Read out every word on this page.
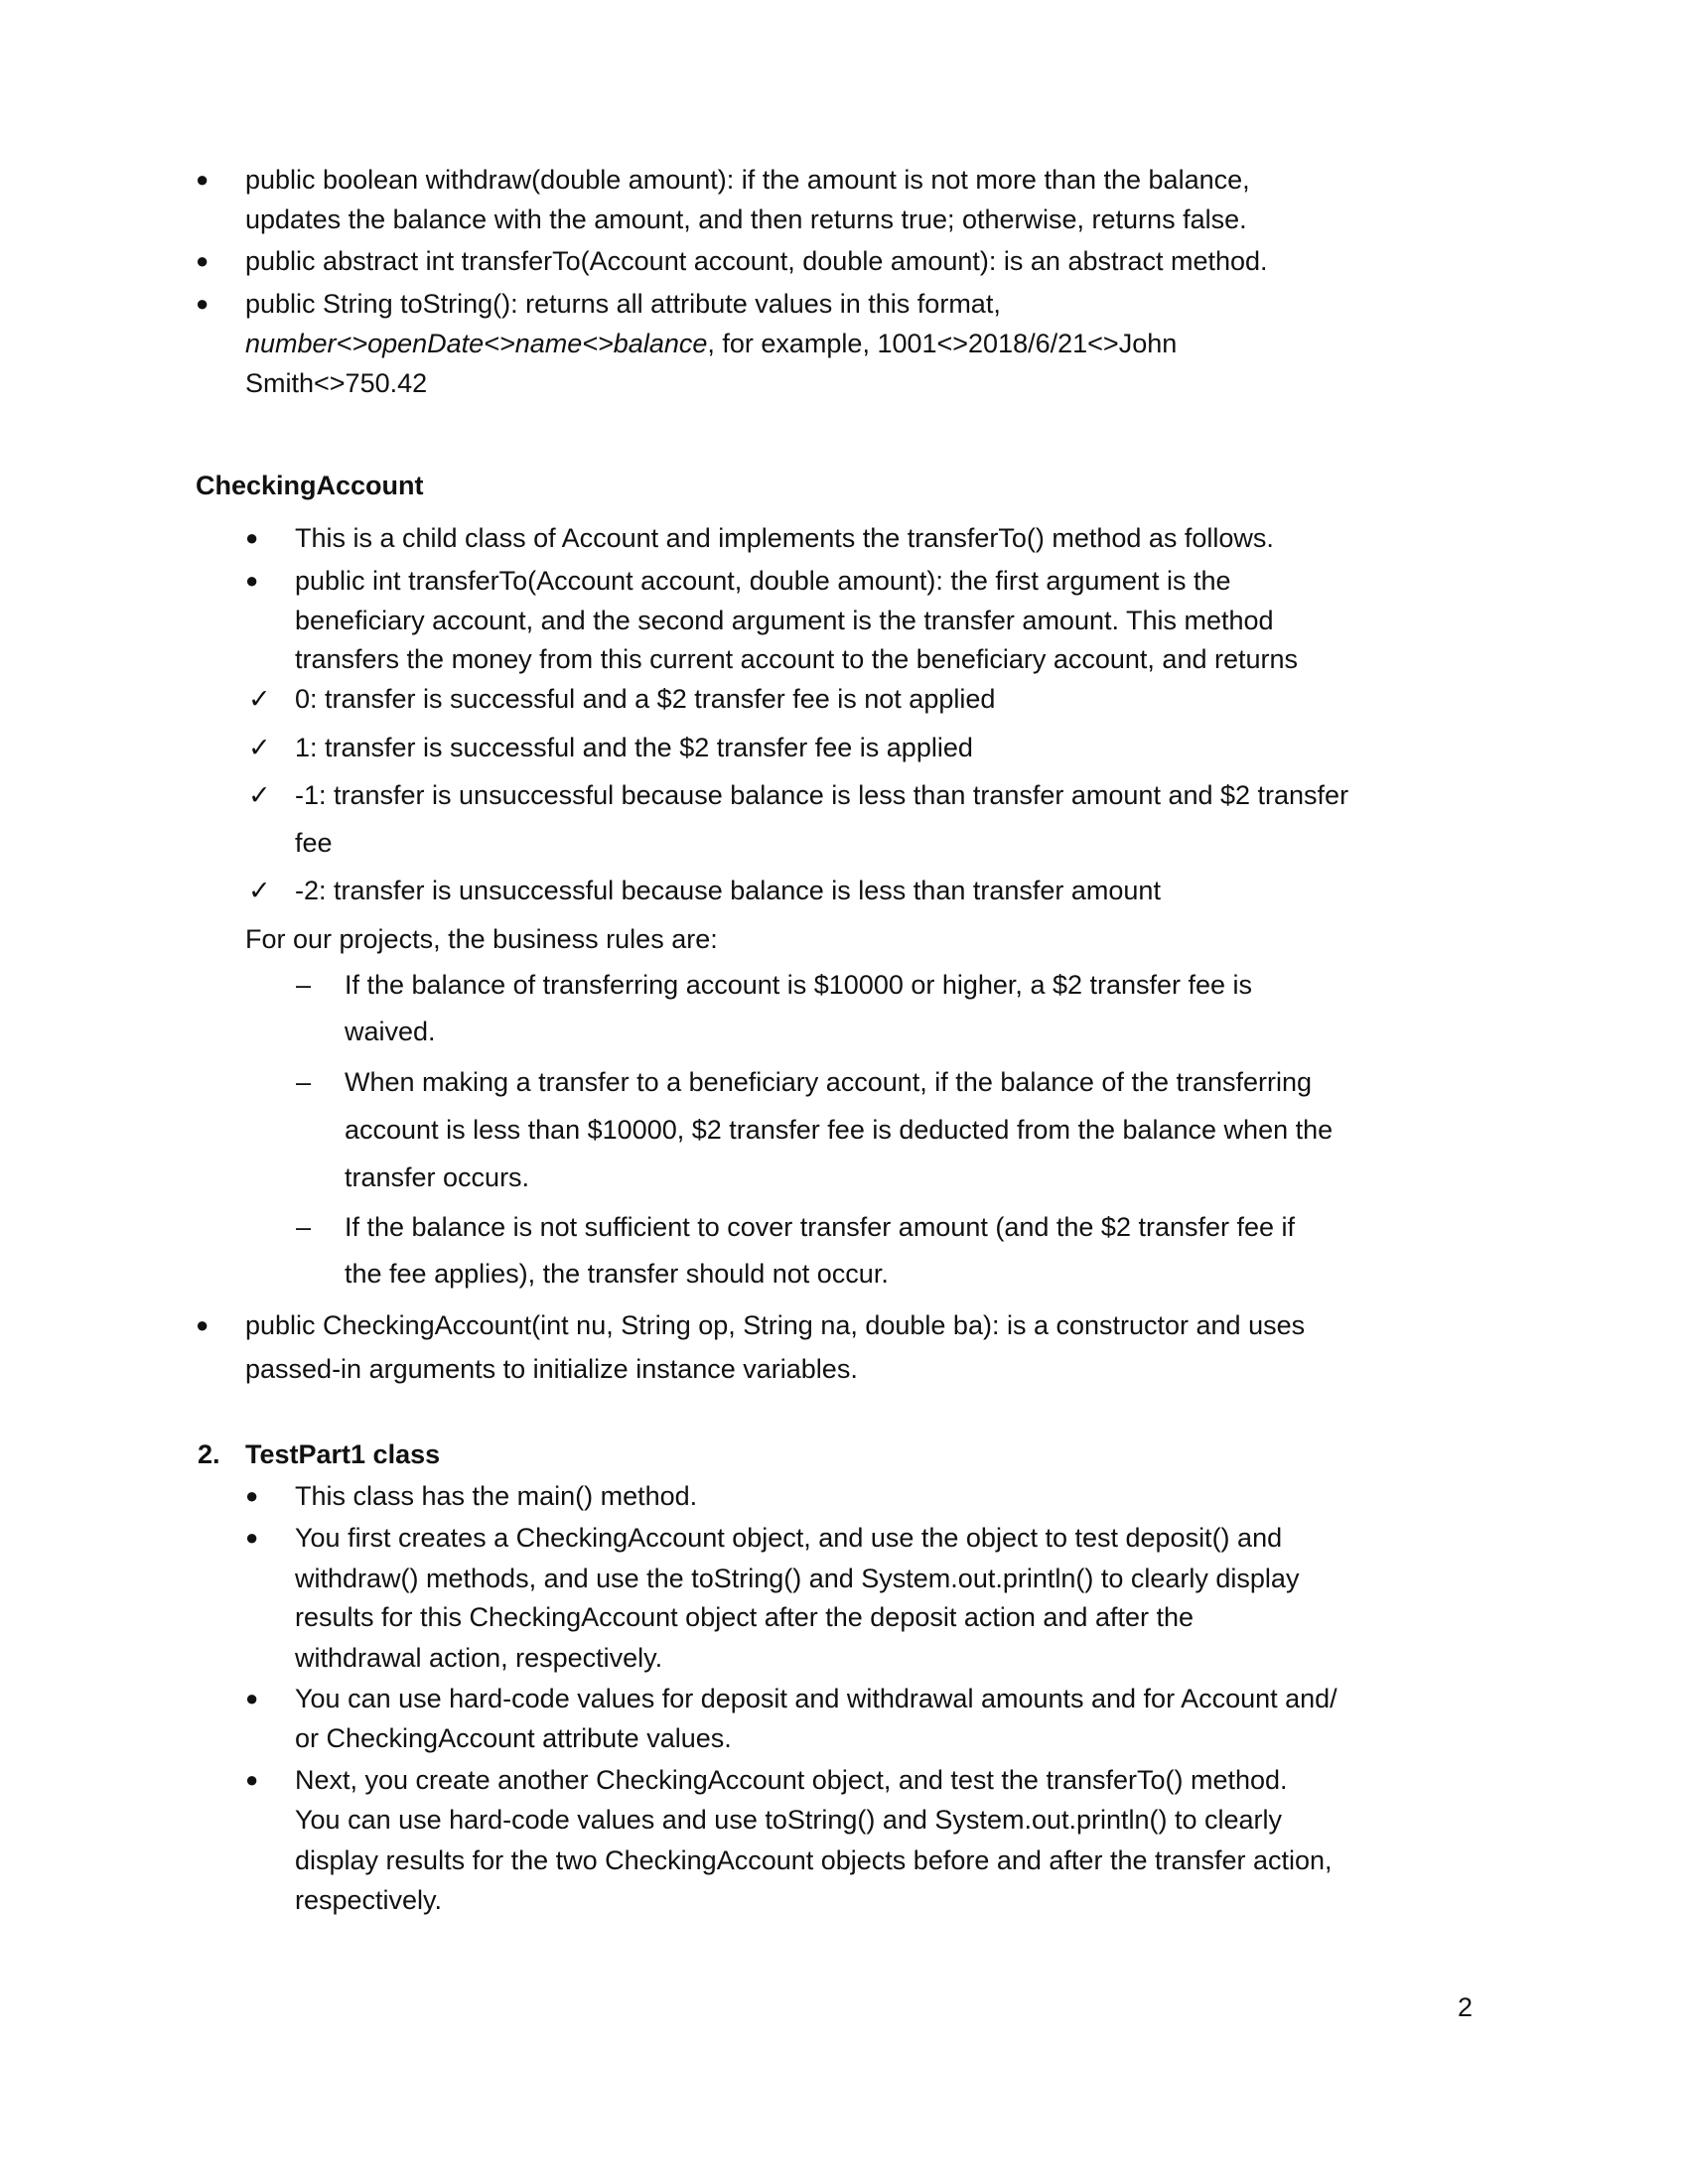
● public boolean withdraw(double amount): if the amount is not more than the balance,
updates the balance with the amount, and then returns true; otherwise, returns false.
● public abstract int transferTo(Account account, double amount): is an abstract method.
● public String toString(): returns all attribute values in this format,
number<>openDate<>name<>balance, for example, 1001<>2018/6/21<>John
Smith<>750.42
CheckingAccount
● This is a child class of Account and implements the transferTo() method as follows.
● public int transferTo(Account account, double amount): the first argument is the
beneficiary account, and the second argument is the transfer amount. This method
transfers the money from this current account to the beneficiary account, and returns
✓ 0: transfer is successful and a $2 transfer fee is not applied
✓ 1: transfer is successful and the $2 transfer fee is applied
✓ -1: transfer is unsuccessful because balance is less than transfer amount and $2 transfer
fee
✓ -2: transfer is unsuccessful because balance is less than transfer amount
For our projects, the business rules are:
– If the balance of transferring account is $10000 or higher, a $2 transfer fee is
waived.
– When making a transfer to a beneficiary account, if the balance of the transferring
account is less than $10000, $2 transfer fee is deducted from the balance when the
transfer occurs.
– If the balance is not sufficient to cover transfer amount (and the $2 transfer fee if
the fee applies), the transfer should not occur.
● public CheckingAccount(int nu, String op, String na, double ba): is a constructor and uses
passed-in arguments to initialize instance variables.
2. TestPart1 class
● This class has the main() method.
● You first creates a CheckingAccount object, and use the object to test deposit() and
withdraw() methods, and use the toString() and System.out.println() to clearly display
results for this CheckingAccount object after the deposit action and after the
withdrawal action, respectively.
● You can use hard-code values for deposit and withdrawal amounts and for Account and/
or CheckingAccount attribute values.
● Next, you create another CheckingAccount object, and test the transferTo() method.
You can use hard-code values and use toString() and System.out.println() to clearly
display results for the two CheckingAccount objects before and after the transfer action,
respectively.
2
